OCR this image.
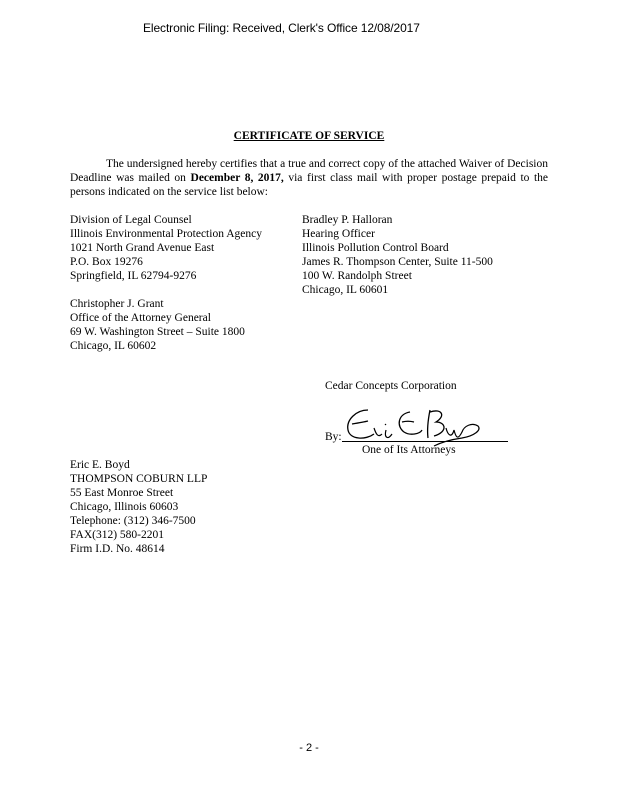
Electronic Filing: Received, Clerk's Office 12/08/2017
CERTIFICATE OF SERVICE
The undersigned hereby certifies that a true and correct copy of the attached Waiver of Decision Deadline was mailed on December 8, 2017, via first class mail with proper postage prepaid to the persons indicated on the service list below:
Division of Legal Counsel
Illinois Environmental Protection Agency
1021 North Grand Avenue East
P.O. Box 19276
Springfield, IL 62794-9276
Bradley P. Halloran
Hearing Officer
Illinois Pollution Control Board
James R. Thompson Center, Suite 11-500
100 W. Randolph Street
Chicago, IL 60601
Christopher J. Grant
Office of the Attorney General
69 W. Washington Street – Suite 1800
Chicago, IL 60602
Cedar Concepts Corporation
By:
One of Its Attorneys
Eric E. Boyd
THOMPSON COBURN LLP
55 East Monroe Street
Chicago, Illinois 60603
Telephone: (312) 346-7500
FAX(312) 580-2201
Firm I.D. No. 48614
- 2 -
